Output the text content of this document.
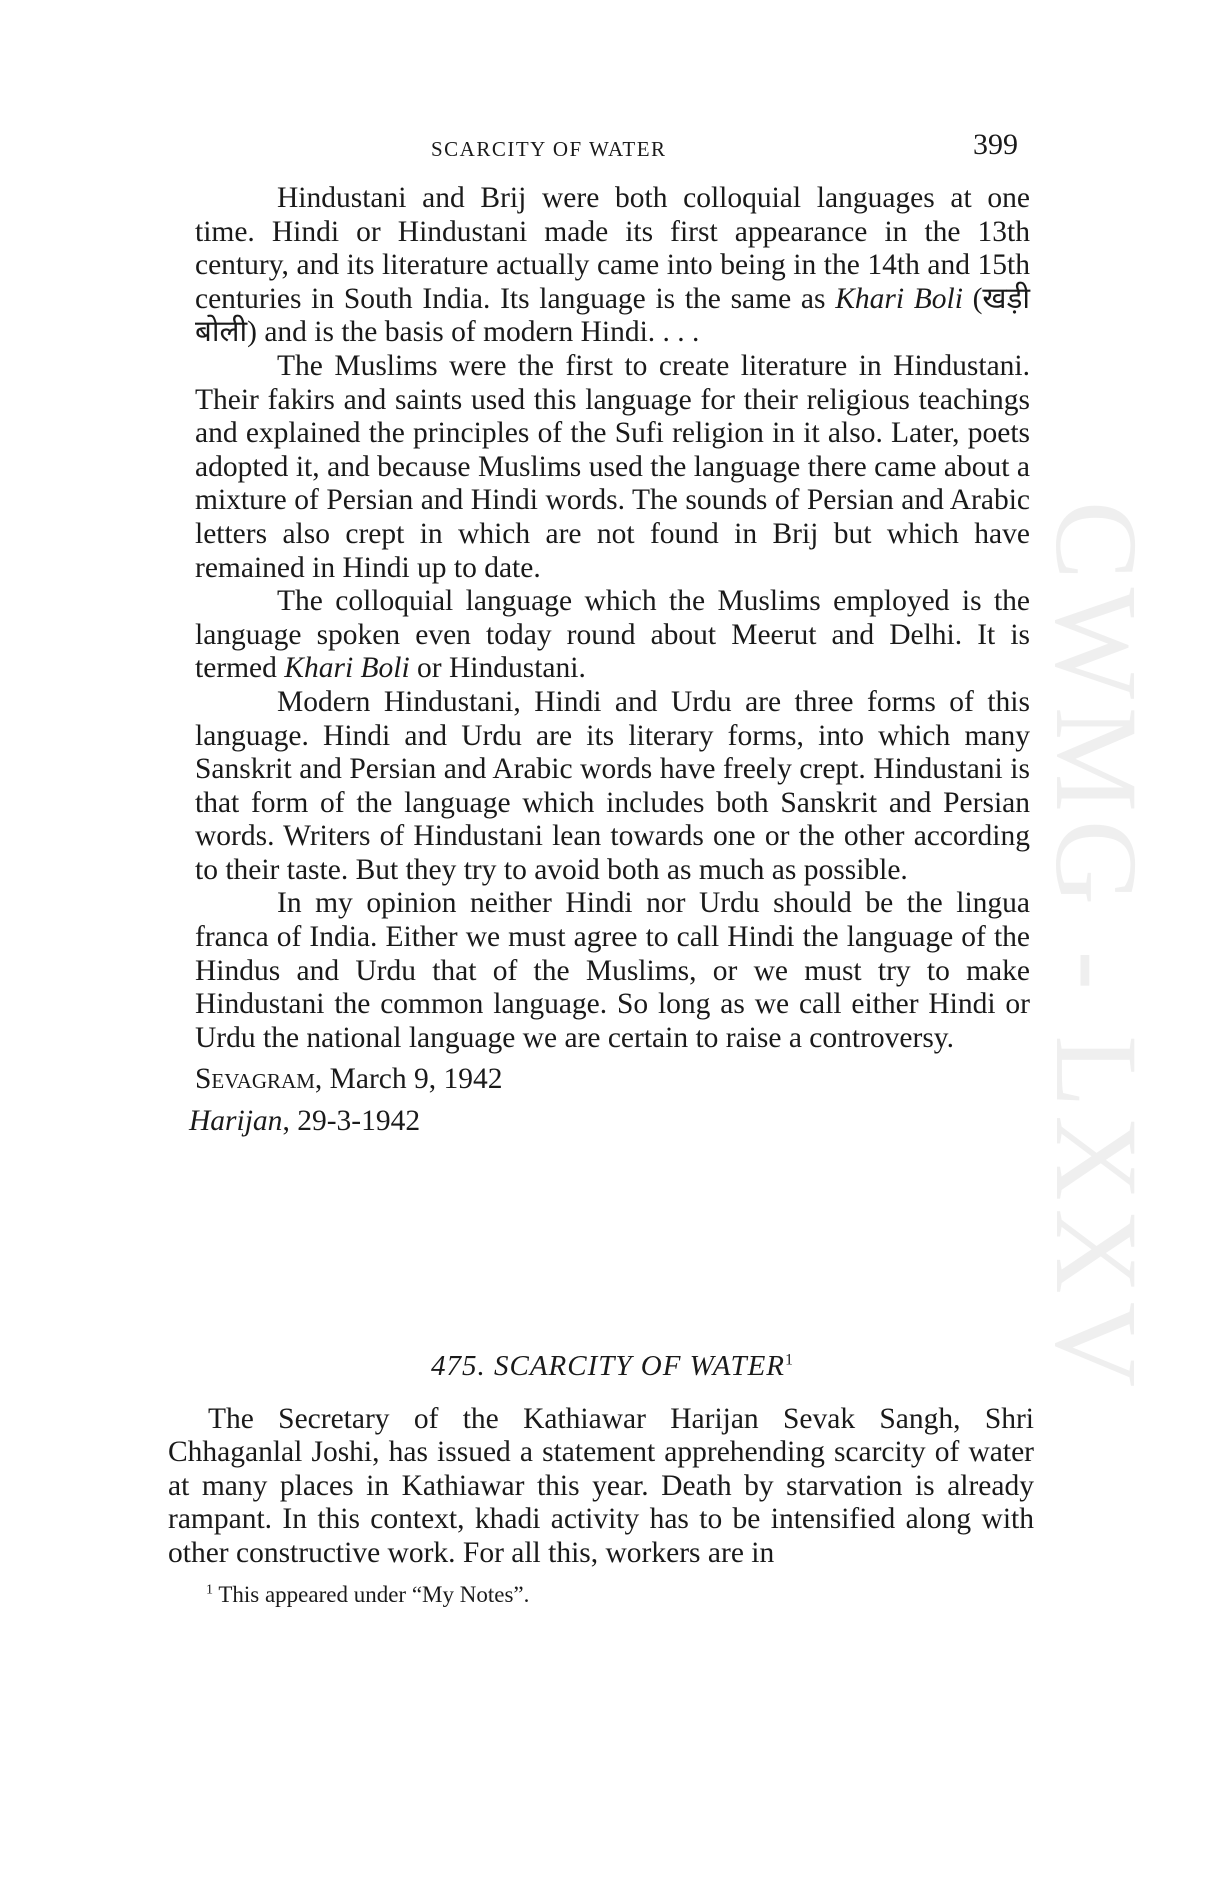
CWMG - LXXV
SCARCITY OF WATER	399

Hindustani and Brij were both colloquial languages at one time. Hindi or Hindustani made its first appearance in the 13th century, and its literature actually came into being in the 14th and 15th centuries in South India. Its language is the same as Khari Boli (खड़ी बोली) and is the basis of modern Hindi. . . .

The Muslims were the first to create literature in Hindustani. Their fakirs and saints used this language for their religious teachings and explained the principles of the Sufi religion in it also. Later, poets adopted it, and because Muslims used the language there came about a mixture of Persian and Hindi words. The sounds of Persian and Arabic letters also crept in which are not found in Brij but which have remained in Hindi up to date.

The colloquial language which the Muslims employed is the language spoken even today round about Meerut and Delhi. It is termed Khari Boli or Hindustani.

Modern Hindustani, Hindi and Urdu are three forms of this language. Hindi and Urdu are its literary forms, into which many Sanskrit and Persian and Arabic words have freely crept. Hindustani is that form of the language which includes both Sanskrit and Persian words. Writers of Hindustani lean towards one or the other according to their taste. But they try to avoid both as much as possible.

In my opinion neither Hindi nor Urdu should be the lingua franca of India. Either we must agree to call Hindi the language of the Hindus and Urdu that of the Muslims, or we must try to make Hindustani the common language. So long as we call either Hindi or Urdu the national language we are certain to raise a controversy.

Sevagram, March 9, 1942

Harijan, 29-3-1942

475. SCARCITY OF WATER$^1$

The Secretary of the Kathiawar Harijan Sevak Sangh, Shri Chhaganlal Joshi, has issued a statement apprehending scarcity of water at many places in Kathiawar this year. Death by starvation is already rampant. In this context, khadi activity has to be intensified along with other constructive work. For all this, workers are in

$^1$ This appeared under “My Notes”.
